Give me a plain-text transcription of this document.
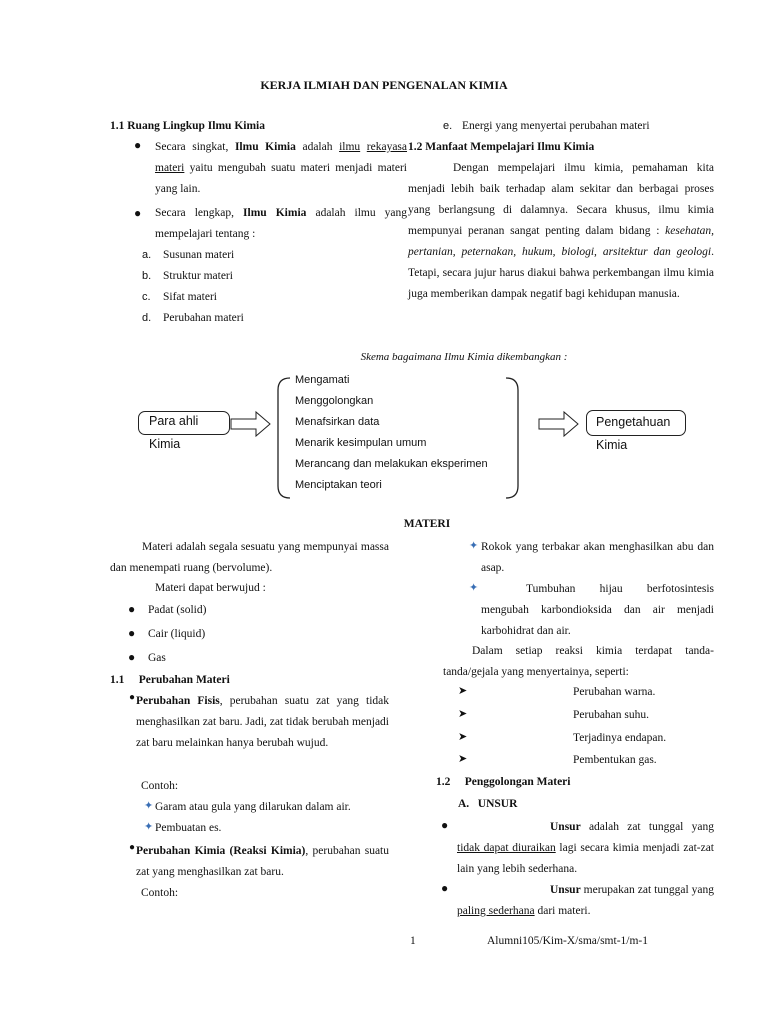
KERJA ILMIAH DAN PENGENALAN KIMIA
1.1 Ruang Lingkup Ilmu Kimia
● Secara singkat, Ilmu Kimia adalah ilmu rekayasa materi yaitu mengubah suatu materi menjadi materi yang lain.
● Secara lengkap, Ilmu Kimia adalah ilmu yang mempelajari tentang :
a. Susunan materi
b. Struktur materi
c. Sifat materi
d. Perubahan materi
e. Energi yang menyertai perubahan materi
1.2 Manfaat Mempelajari Ilmu Kimia
Dengan mempelajari ilmu kimia, pemahaman kita menjadi lebih baik terhadap alam sekitar dan berbagai proses yang berlangsung di dalamnya. Secara khusus, ilmu kimia mempunyai peranan sangat penting dalam bidang : kesehatan, pertanian, peternakan, hukum, biologi, arsitektur dan geologi. Tetapi, secara jujur harus diakui bahwa perkembangan ilmu kimia juga memberikan dampak negatif bagi kehidupan manusia.
Skema bagaimana Ilmu Kimia dikembangkan :
Para ahli
Kimia
Mengamati
Menggolongkan
Menafsirkan data
Menarik kesimpulan umum
Merancang dan melakukan eksperimen
Menciptakan teori
Pengetahuan
Kimia
MATERI
Materi adalah segala sesuatu yang mempunyai massa dan menempati ruang (bervolume).
Materi dapat berwujud :
● Padat (solid)
● Cair (liquid)
● Gas
1.1     Perubahan Materi
● Perubahan Fisis, perubahan suatu zat yang tidak menghasilkan zat baru. Jadi, zat tidak berubah menjadi zat baru melainkan hanya berubah wujud.
Contoh:
✦ Garam atau gula yang dilarukan dalam air.
✦ Pembuatan es.
● Perubahan Kimia (Reaksi Kimia), perubahan suatu zat yang menghasilkan zat baru.
Contoh:
✦ Rokok yang terbakar akan menghasilkan abu dan asap.
✦	Tumbuhan hijau berfotosintesis mengubah karbondioksida dan air menjadi karbohidrat dan air.
Dalam setiap reaksi kimia terdapat tanda-tanda/gejala yang menyertainya, seperti:
➤	Perubahan warna.
➤	Perubahan suhu.
➤	Terjadinya endapan.
➤	Pembentukan gas.
1.2     Penggolongan Materi
A.   UNSUR
●	Unsur adalah zat tunggal yang tidak dapat diuraikan lagi secara kimia menjadi zat-zat lain yang lebih sederhana.
●	Unsur merupakan zat tunggal yang paling sederhana dari materi.
1	Alumni105/Kim-X/sma/smt-1/m-1
